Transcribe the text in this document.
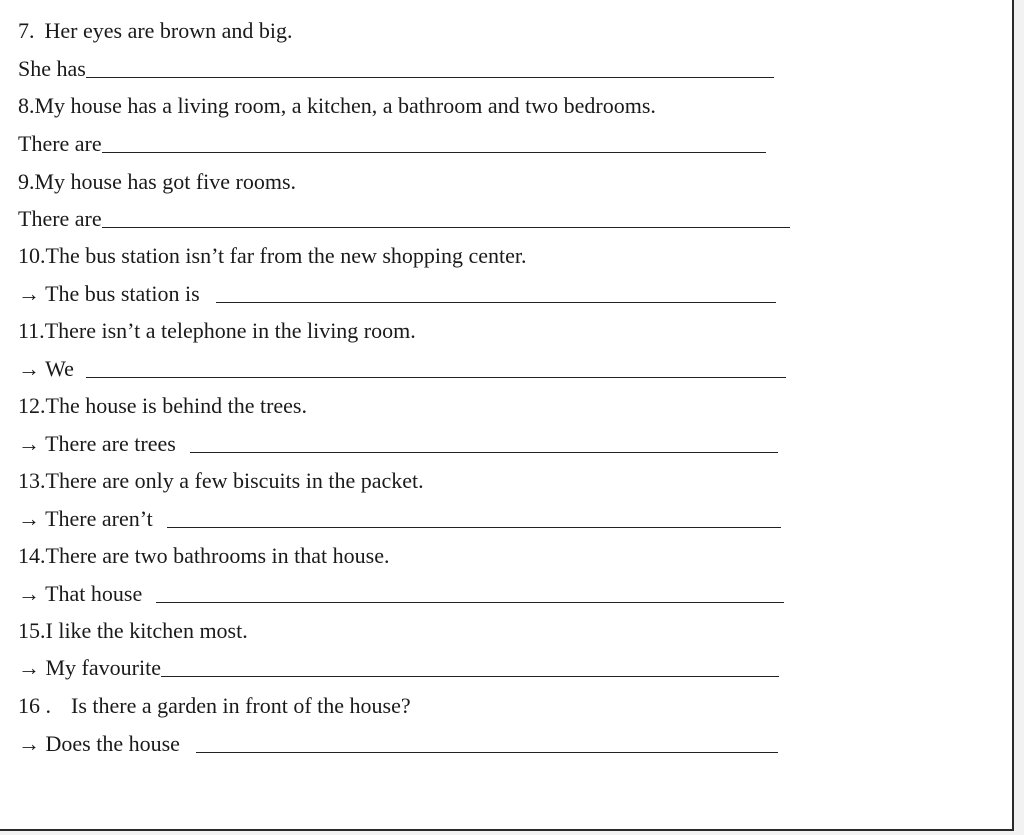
7. Her eyes are brown and big.
She has
8. My house has a living room, a kitchen, a bathroom and two bedrooms.
There are
9. My house has got five rooms.
There are
10. The bus station isn’t far from the new shopping center.
→ The bus station is
11. There isn’t a telephone in the living room.
→ We
12. The house is behind the trees.
→ There are trees
13. There are only a few biscuits in the packet.
→ There aren’t
14. There are two bathrooms in that house.
→ That house
15. I like the kitchen most.
→ My favourite
16 . Is there a garden in front of the house?
→ Does the house
